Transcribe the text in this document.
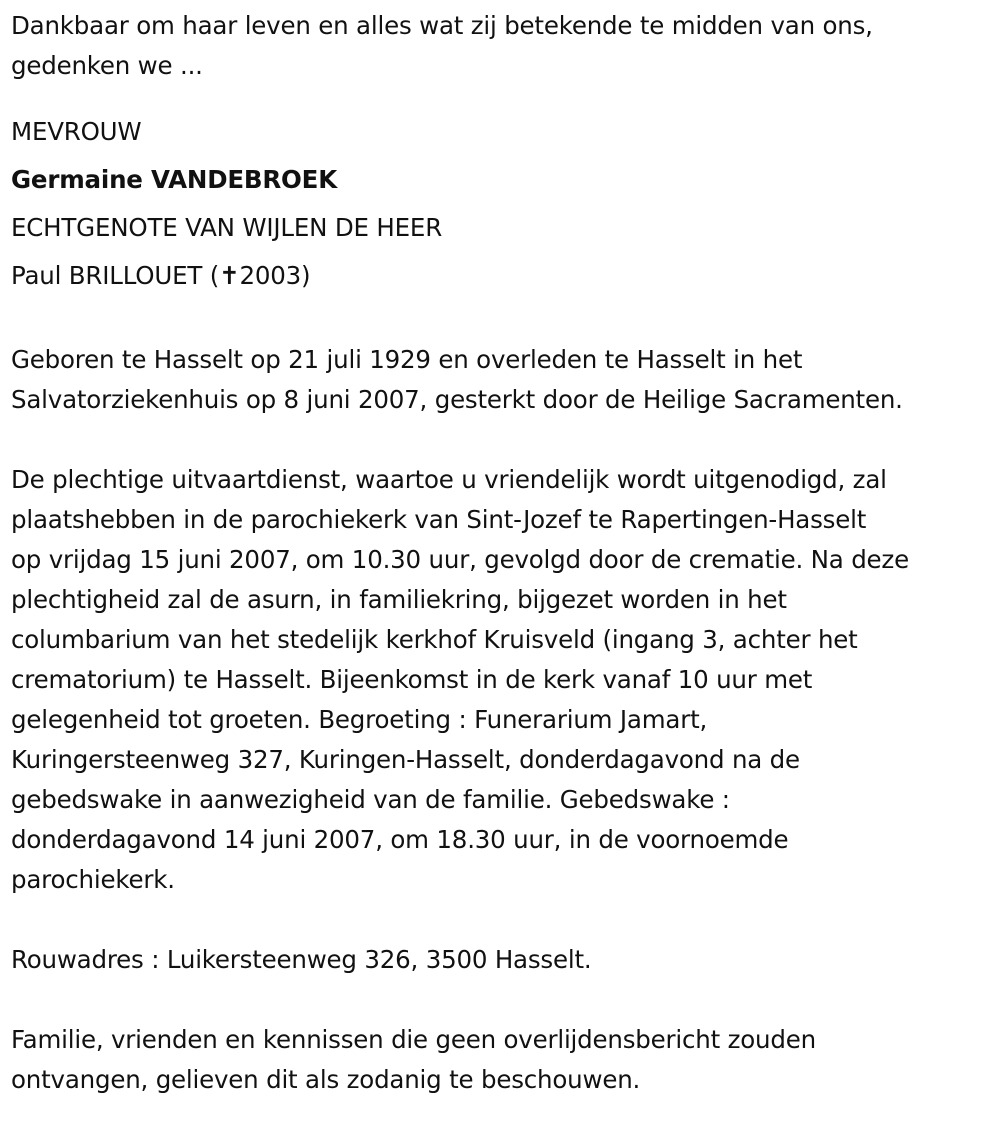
Dankbaar om haar leven en alles wat zij betekende te midden van ons,
gedenken we ...

MEVROUW
Germaine VANDEBROEK
ECHTGENOTE VAN WIJLEN DE HEER
Paul BRILLOUET (✝2003)

Geboren te Hasselt op 21 juli 1929 en overleden te Hasselt in het
Salvatorziekenhuis op 8 juni 2007, gesterkt door de Heilige Sacramenten.

De plechtige uitvaartdienst, waartoe u vriendelijk wordt uitgenodigd, zal
plaatshebben in de parochiekerk van Sint-Jozef te Rapertingen-Hasselt
op vrijdag 15 juni 2007, om 10.30 uur, gevolgd door de crematie. Na deze
plechtigheid zal de asurn, in familiekring, bijgezet worden in het
columbarium van het stedelijk kerkhof Kruisveld (ingang 3, achter het
crematorium) te Hasselt. Bijeenkomst in de kerk vanaf 10 uur met
gelegenheid tot groeten. Begroeting : Funerarium Jamart,
Kuringersteenweg 327, Kuringen-Hasselt, donderdagavond na de
gebedswake in aanwezigheid van de familie. Gebedswake :
donderdagavond 14 juni 2007, om 18.30 uur, in de voornoemde
parochiekerk.

Rouwadres : Luikersteenweg 326, 3500 Hasselt.

Familie, vrienden en kennissen die geen overlijdensbericht zouden
ontvangen, gelieven dit als zodanig te beschouwen.
